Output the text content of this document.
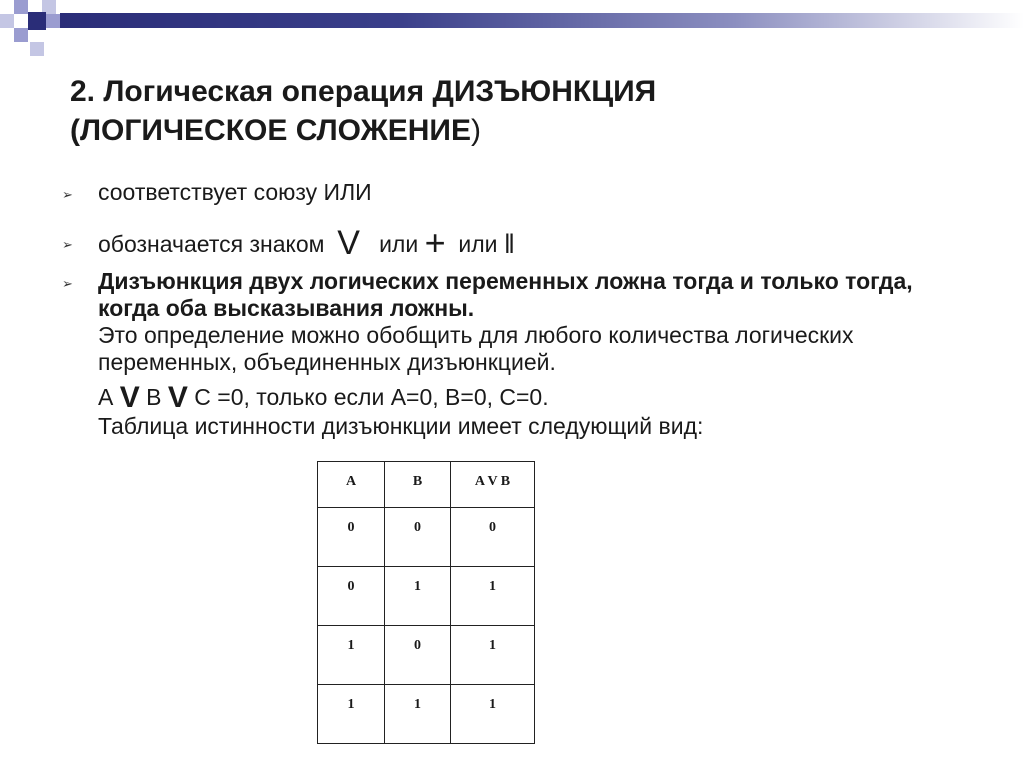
2. Логическая операция ДИЗЪЮНКЦИЯ
(ЛОГИЧЕСКОЕ СЛОЖЕНИЕ)
➢ соответствует союзу ИЛИ
➢ обозначается знаком V или + или ‖
➢ Дизъюнкция двух логических переменных ложна тогда и только тогда, когда оба высказывания ложны.
Это определение можно обобщить для любого количества логических переменных, объединенных дизъюнкцией.
А V В V С =0, только если А=0, В=0, С=0.
Таблица истинности дизъюнкции имеет следующий вид:
A	B	A V B
0	0	0
0	1	1
1	0	1
1	1	1
